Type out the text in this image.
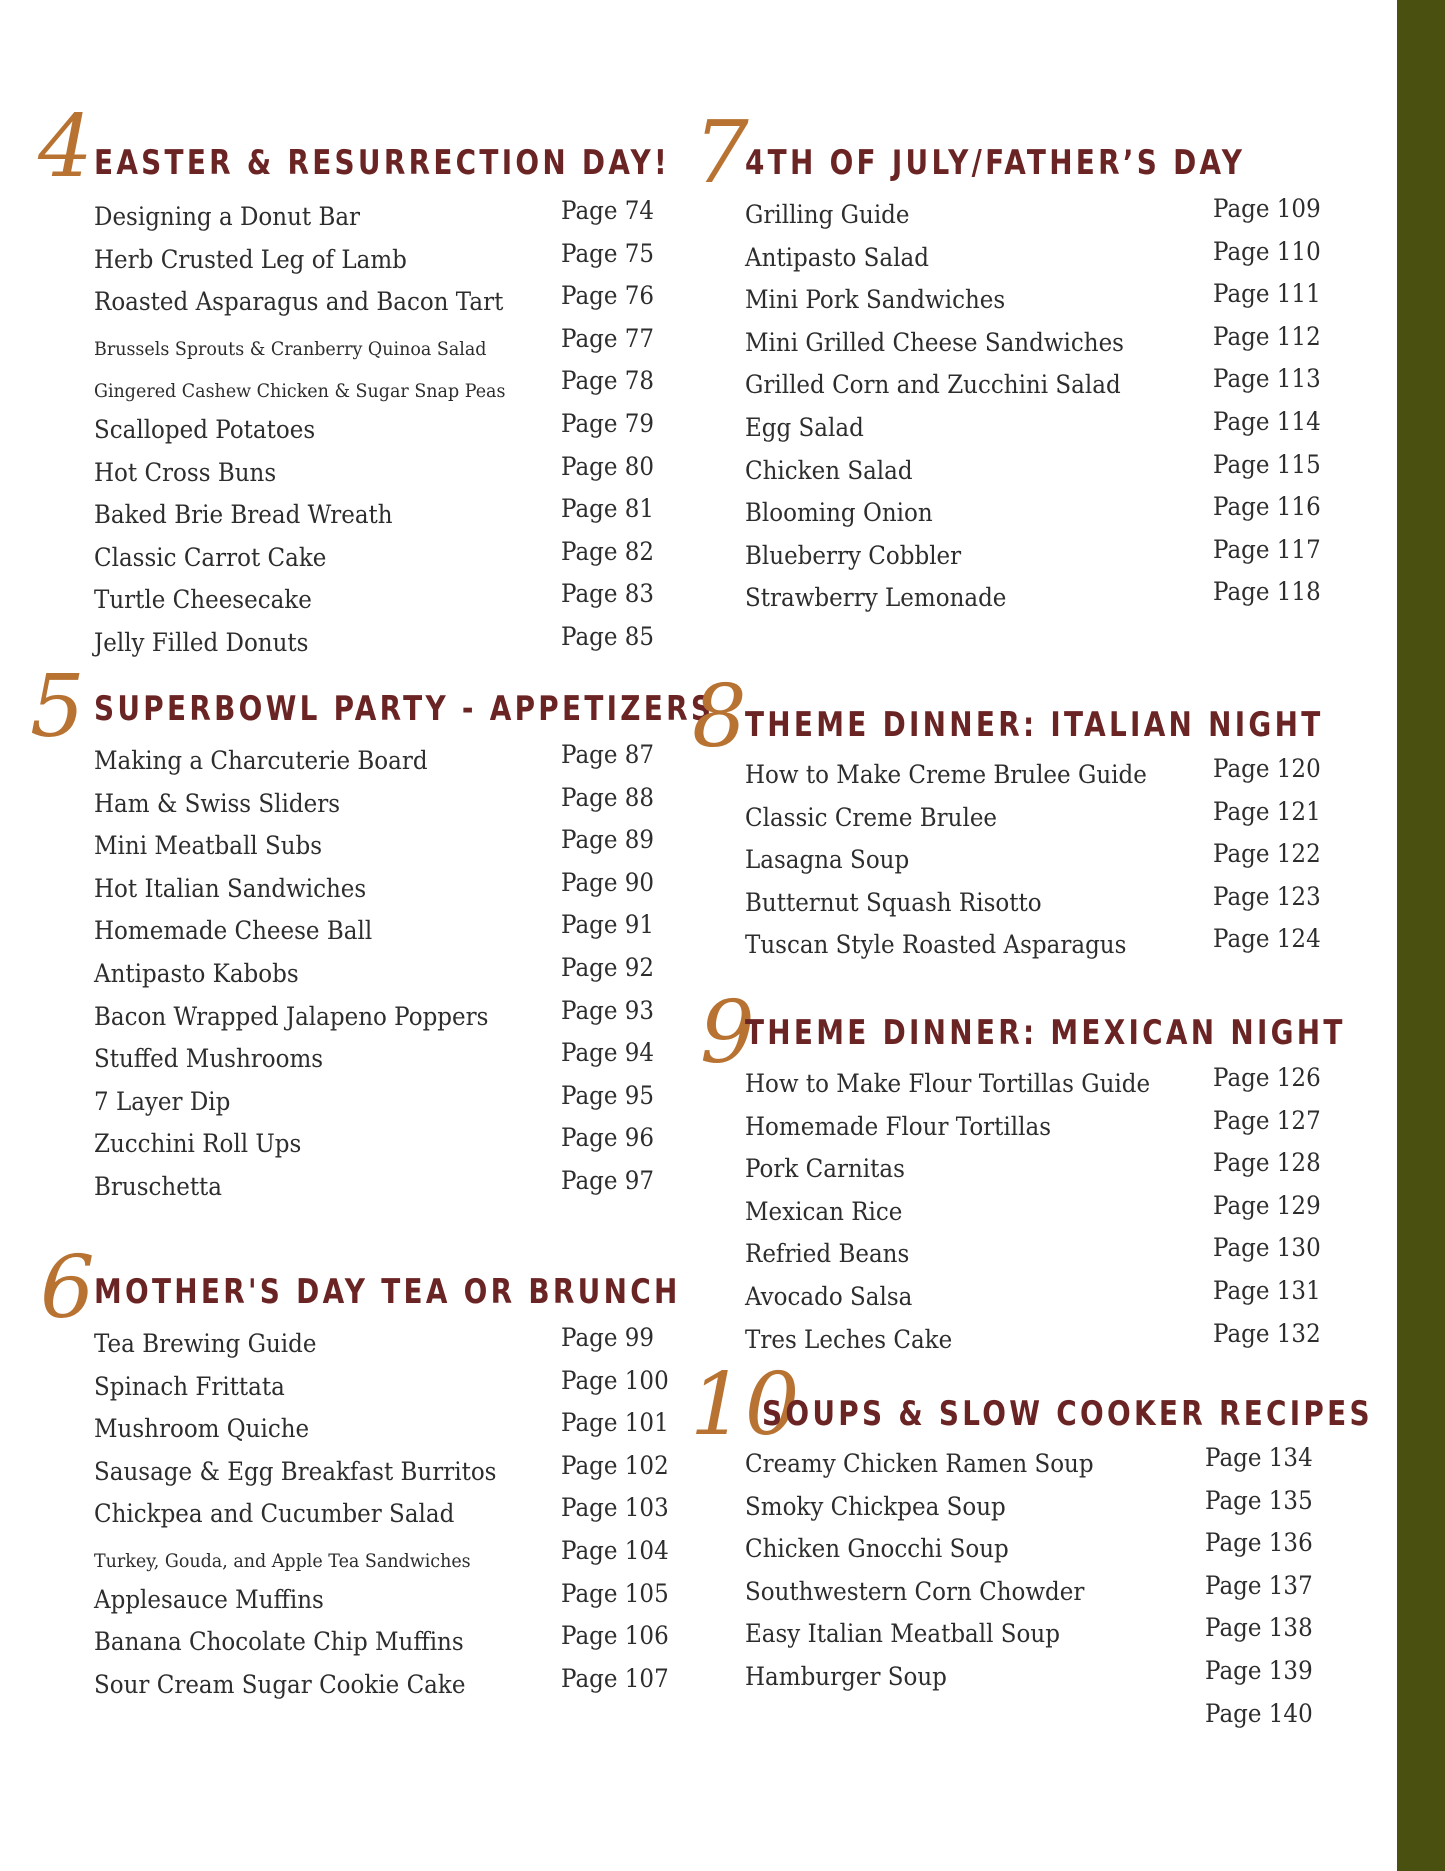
4 EASTER & RESURRECTION DAY!
Designing a Donut Bar	Page 74
Herb Crusted Leg of Lamb	Page 75
Roasted Asparagus and Bacon Tart Page 76
Brussels Sprouts & Cranberry Quinoa Salad	Page 77
Gingered Cashew Chicken & Sugar Snap Peas Page 78
Scalloped Potatoes	Page 79
Hot Cross Buns	Page 80
Baked Brie Bread Wreath	Page 81
Classic Carrot Cake	Page 82
Turtle Cheesecake	Page 83
Jelly Filled Donuts	Page 85
5 SUPERBOWL PARTY - APPETIZERS
Making a Charcuterie Board	Page 87
Ham & Swiss Sliders	Page 88
Mini Meatball Subs	Page 89
Hot Italian Sandwiches	Page 90
Homemade Cheese Ball	Page 91
Antipasto Kabobs	Page 92
Bacon Wrapped Jalapeno Poppers	Page 93
Stuffed Mushrooms	Page 94
7 Layer Dip	Page 95
Zucchini Roll Ups	Page 96
Bruschetta	Page 97
6 MOTHER'S DAY TEA OR BRUNCH
Tea Brewing Guide	Page 99
Spinach Frittata	Page 100
Mushroom Quiche	Page 101
Sausage & Egg Breakfast Burritos	Page 102
Chickpea and Cucumber Salad	Page 103
Turkey, Gouda, and Apple Tea Sandwiches	Page 104
Applesauce Muffins	Page 105
Banana Chocolate Chip Muffins	Page 106
Sour Cream Sugar Cookie Cake	Page 107
7
4TH OF JULY/FATHER’S DAY
Grilling Guide	Page 109
Antipasto Salad	Page 110
Mini Pork Sandwiches	Page 111
Mini Grilled Cheese Sandwiches	Page 112
Grilled Corn and Zucchini Salad	Page 113
Egg Salad	Page 114
Chicken Salad	Page 115
Blooming Onion	Page 116
Blueberry Cobbler	Page 117
Strawberry Lemonade	Page 118
8
THEME DINNER: ITALIAN NIGHT
How to Make Creme Brulee Guide	Page 120
Classic Creme Brulee	Page 121
Lasagna Soup	Page 122
Butternut Squash Risotto	Page 123
Tuscan Style Roasted Asparagus	Page 124
9
THEME DINNER: MEXICAN NIGHT
How to Make Flour Tortillas Guide	Page 126
Homemade Flour Tortillas	Page 127
Pork Carnitas	Page 128
Mexican Rice	Page 129
Refried Beans	Page 130
Avocado Salsa	Page 131
Tres Leches Cake	Page 132
10
SOUPS & SLOW COOKER RECIPES
Creamy Chicken Ramen Soup	Page 134
Smoky Chickpea Soup	Page 135
Chicken Gnocchi Soup	Page 136
Southwestern Corn Chowder	Page 137
Easy Italian Meatball Soup	Page 138
Hamburger Soup	Page 139
Page 140
